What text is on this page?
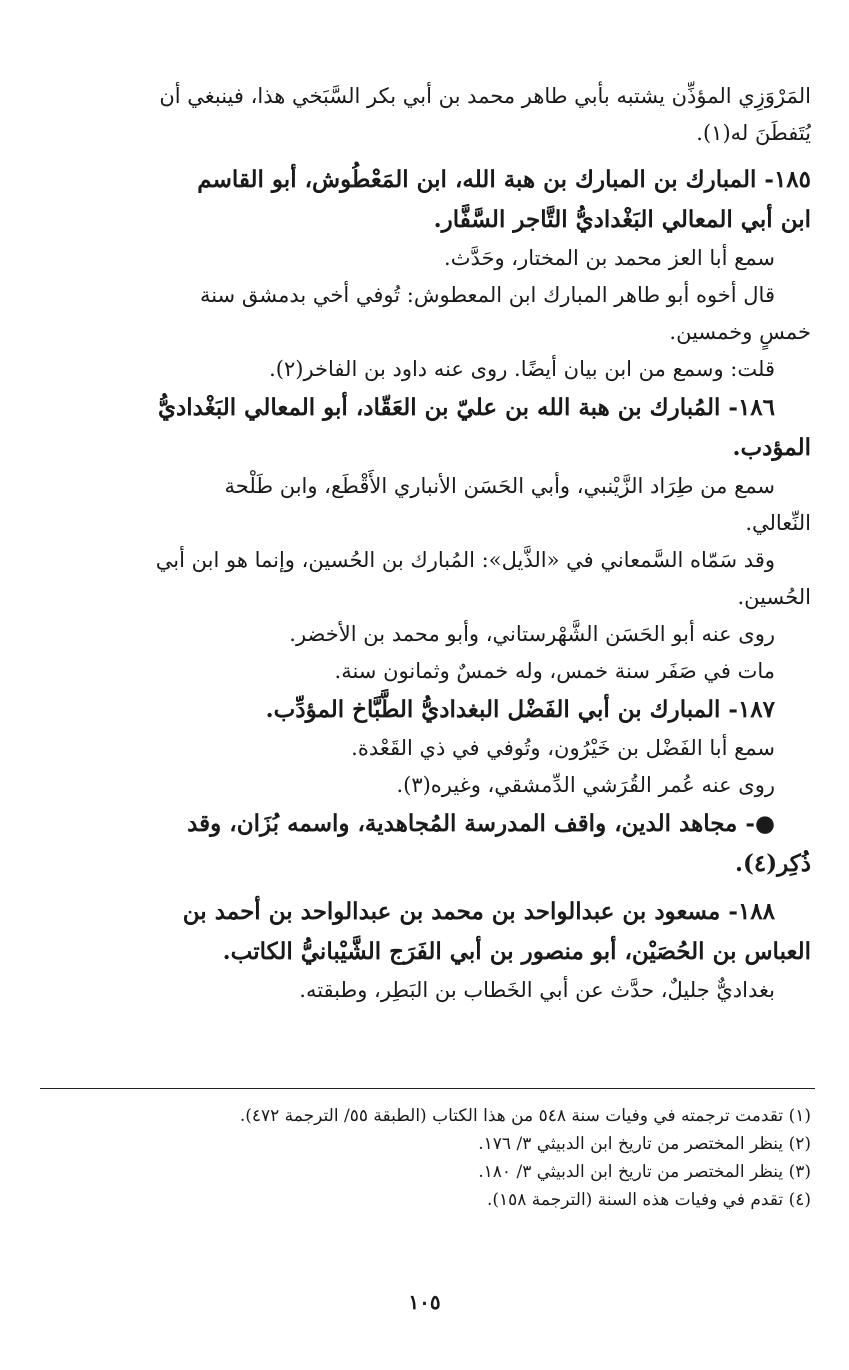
المَرْوَزِي المؤذِّن يشتبه بأبي طاهر محمد بن أبي بكر السَّبَخي هذا، فينبغي أن

يُتَفطَنَ له(١).

١٨٥- المبارك بن المبارك بن هبة الله، ابن المَعْطُوش، أبو القاسم

ابن أبي المعالي البَغْداديُّ التَّاجر السَّفَّار.

سمع أبا العز محمد بن المختار، وحَدَّث.

قال أخوه أبو طاهر المبارك ابن المعطوش: تُوفي أخي بدمشق سنة

خمسٍ وخمسين.

قلت: وسمع من ابن بيان أيضًا. روى عنه داود بن الفاخر(٢).

١٨٦- المُبارك بن هبة الله بن عليّ بن العَقّاد، أبو المعالي البَغْداديُّ

المؤدب.

سمع من طِرَاد الزَّيْنبي، وأبي الحَسَن الأنباري الأَقْطَع، وابن طَلْحة

النِّعالي.

وقد سَمّاه السَّمعاني في «الذَّيل»: المُبارك بن الحُسين، وإنما هو ابن أبي

الحُسين.

روى عنه أبو الحَسَن الشَّهْرستاني، وأبو محمد بن الأخضر.

مات في صَفَر سنة خمس، وله خمسٌ وثمانون سنة.

١٨٧- المبارك بن أبي الفَضْل البغداديُّ الطَّبَّاخ المؤدِّب.

سمع أبا الفَضْل بن خَيْرُون، وتُوفي في ذي القَعْدة.

روى عنه عُمر القُرَشي الدِّمشقي، وغيره(٣).

●- مجاهد الدين، واقف المدرسة المُجاهدية، واسمه بُزَان، وقد

ذُكِر(٤).

١٨٨- مسعود بن عبدالواحد بن محمد بن عبدالواحد بن أحمد بن

العباس بن الحُصَيْن، أبو منصور بن أبي الفَرَج الشَّيْبانيُّ الكاتب.

بغداديٌّ جليلٌ، حدَّث عن أبي الخَطاب بن البَطِر، وطبقته.

(١) تقدمت ترجمته في وفيات سنة ٥٤٨ من هذا الكتاب (الطبقة ٥٥/ الترجمة ٤٧٢).

(٢) ينظر المختصر من تاريخ ابن الدبيثي ٣/ ١٧٦.

(٣) ينظر المختصر من تاريخ ابن الدبيثي ٣/ ١٨٠.

(٤) تقدم في وفيات هذه السنة (الترجمة ١٥٨).

١٠٥
